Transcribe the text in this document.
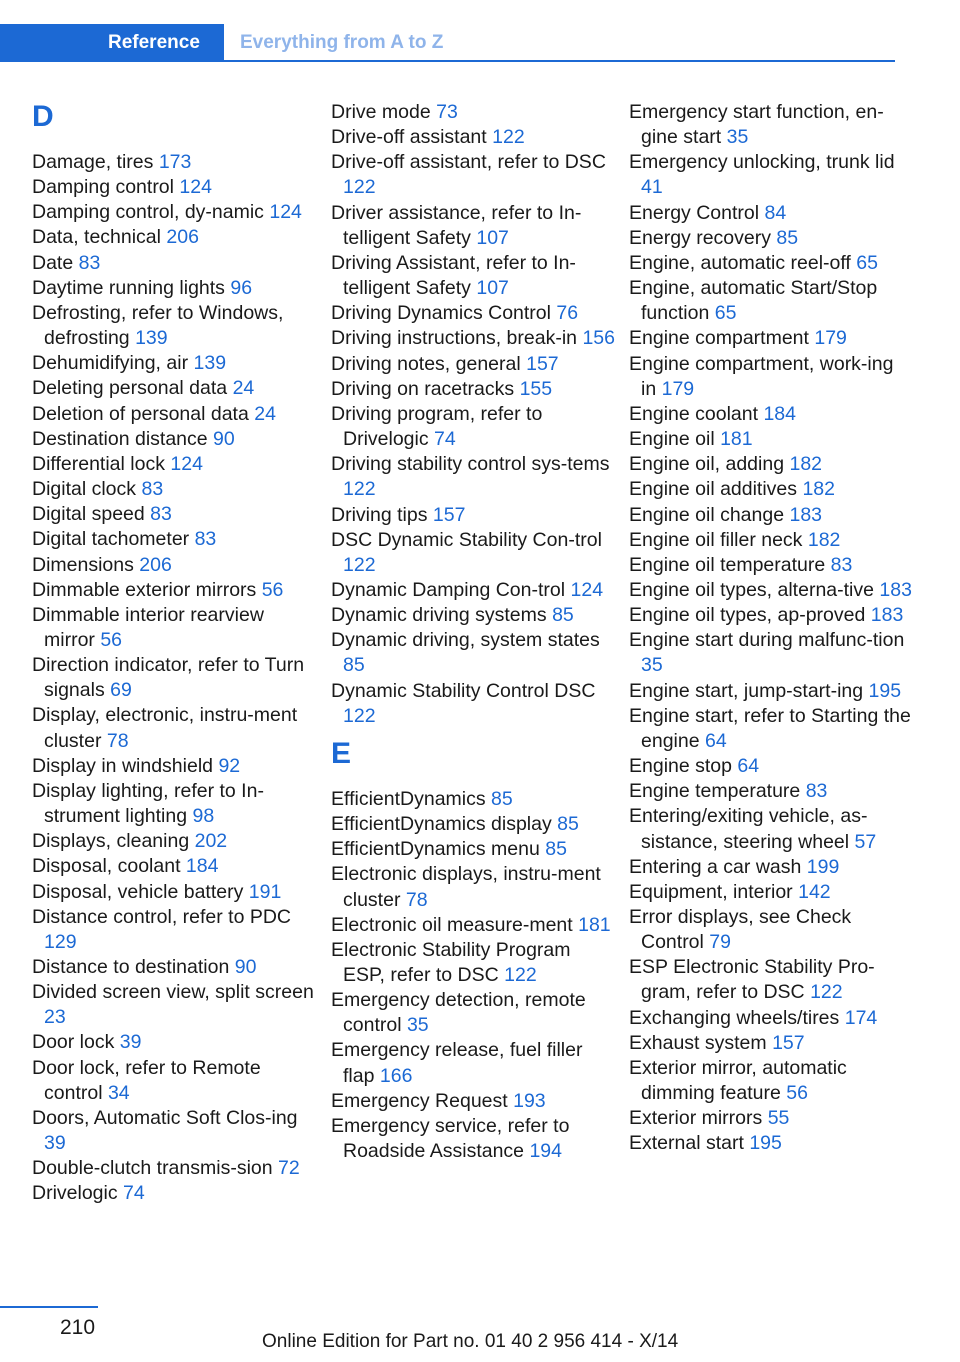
Reference	Everything from A to Z
D
Damage, tires 173
Damping control 124
Damping control, dy-namic 124
Data, technical 206
Date 83
Daytime running lights 96
Defrosting, refer to Windows, defrosting 139
Dehumidifying, air 139
Deleting personal data 24
Deletion of personal data 24
Destination distance 90
Differential lock 124
Digital clock 83
Digital speed 83
Digital tachometer 83
Dimensions 206
Dimmable exterior mirrors 56
Dimmable interior rearview mirror 56
Direction indicator, refer to Turn signals 69
Display, electronic, instru-ment cluster 78
Display in windshield 92
Display lighting, refer to In-strument lighting 98
Displays, cleaning 202
Disposal, coolant 184
Disposal, vehicle battery 191
Distance control, refer to PDC 129
Distance to destination 90
Divided screen view, split screen 23
Door lock 39
Door lock, refer to Remote control 34
Doors, Automatic Soft Clos-ing 39
Double-clutch transmis-sion 72
Drivelogic 74
Drive mode 73
Drive-off assistant 122
Drive-off assistant, refer to DSC 122
Driver assistance, refer to In-telligent Safety 107
Driving Assistant, refer to In-telligent Safety 107
Driving Dynamics Control 76
Driving instructions, break-in 156
Driving notes, general 157
Driving on racetracks 155
Driving program, refer to Drivelogic 74
Driving stability control sys-tems 122
Driving tips 157
DSC Dynamic Stability Con-trol 122
Dynamic Damping Con-trol 124
Dynamic driving systems 85
Dynamic driving, system states 85
Dynamic Stability Control DSC 122
E
EfficientDynamics 85
EfficientDynamics display 85
EfficientDynamics menu 85
Electronic displays, instru-ment cluster 78
Electronic oil measure-ment 181
Electronic Stability Program ESP, refer to DSC 122
Emergency detection, remote control 35
Emergency release, fuel filler flap 166
Emergency Request 193
Emergency service, refer to Roadside Assistance 194
Emergency start function, en-gine start 35
Emergency unlocking, trunk lid 41
Energy Control 84
Energy recovery 85
Engine, automatic reel-off 65
Engine, automatic Start/Stop function 65
Engine compartment 179
Engine compartment, work-ing in 179
Engine coolant 184
Engine oil 181
Engine oil, adding 182
Engine oil additives 182
Engine oil change 183
Engine oil filler neck 182
Engine oil temperature 83
Engine oil types, alterna-tive 183
Engine oil types, ap-proved 183
Engine start during malfunc-tion 35
Engine start, jump-start-ing 195
Engine start, refer to Starting the engine 64
Engine stop 64
Engine temperature 83
Entering/exiting vehicle, as-sistance, steering wheel 57
Entering a car wash 199
Equipment, interior 142
Error displays, see Check Control 79
ESP Electronic Stability Pro-gram, refer to DSC 122
Exchanging wheels/tires 174
Exhaust system 157
Exterior mirror, automatic dimming feature 56
Exterior mirrors 55
External start 195
210
Online Edition for Part no. 01 40 2 956 414 - X/14
